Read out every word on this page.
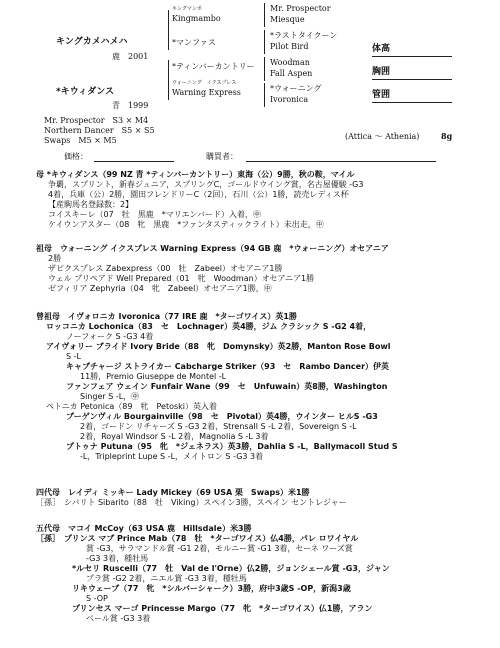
キングカメハメハ
鹿　2001
*キウィダンス
青　1999
キングマンボ
Kingmambo
*マンファス
*ティンバーカントリー
ウォーニング　イクスプレス
Warning Express
Mr. Prospector
Miesque
*ラストタイクーン
Pilot Bird
Woodman
Fall Aspen
*ウォーニング
Ivoronica
体高
胸囲
管囲
(Attica ～ Athenia)	8g
Mr. Prospector　S3 × M4
Northern Dancer　S5 × S5
Swaps　M5 × M5
価格：	購買者：
母 *キウィダンス（99 NZ 青 *ティンバーカントリー）東海（公）9勝，秋の鞍，マイル
争覇，スプリント，新春ジュニア，スプリングC，ゴールドウイング賞，名古屋優駿 -G3
4着，兵庫（公）2勝，園田フレンドリーC（2回），石川（公）1勝，読売レディス杯
【産駒馬名登録数：2】
コイスキーレ（07　牡　黒鹿　*マリエンバード）入着，㊥
ケイウンアスター（08　牝　黒鹿　*ファンタスティックライト）未出走，㊥
祖母　ウォーニング イクスプレス Warning Express（94 GB 鹿　*ウォーニング）オセアニア
2勝
ザピクスプレス Zabexpress（00　牡　Zabeel）オセアニア1勝
ウェル プリペアド Well Prepared（01　牝　Woodman）オセアニア1勝
ゼフィリア Zephyria（04　牝　Zabeel）オセアニア1勝，㊥
曾祖母　イヴォロニカ Ivoronica（77 IRE 鹿　*ターゴワイス）英1勝
ロッコニカ Lochonica（83　セ　Lochnager）英4勝，ジム クラシック S -G2 4着，
ノーフォーク S -G3 4着
アイヴォリー ブライド Ivory Bride（88　牝　Domynsky）英2勝，Manton Rose Bowl
S -L
キャブチャージ ストライカー Cabcharge Striker（93　セ　Rambo Dancer）伊英
11勝，Premio Giuseppe de Montel -L
ファンフェア ウェイン Funfair Wane（99　セ　Unfuwain）英8勝，Washington
Singer S -L，㊥
ペトニカ Petonica（89　牝　Petoski）英入着
ブーゲンヴィル Bourgainville（98　セ　Pivotal）英4勝，ウインター ヒルS -G3
2着，ゴードン リチャーズ S -G3 2着，Strensall S -L 2着，Sovereign S -L
2着，Royal Windsor S -L 2着，Magnolia S -L 3着
プトゥナ Putuna（95　牝　*ジェネラス）英3勝，Dahlia S -L，Ballymacoll Stud S
-L，Tripleprint Lupe S -L，メイトロン S -G3 3着
四代母　レイディ ミッキー Lady Mickey（69 USA 栗　Swaps）米1勝
［孫］　シバリト Sibarito（88　牡　Viking）スペイン3勝，スペイン セントレジャー
五代母　マコイ McCoy（63 USA 鹿　Hillsdale）米3勝
［孫］　プリンス マブ Prince Mab（78　牡　*ターゴワイス）仏4勝，パレ ロワイヤル
賞 -G3，サラマンドル賞 -G1 2着，モルニー賞 -G1 3着，セーネ ワーズ賞
-G3 3着，種牡馬
*ルセリ Ruscelli（77　牡　Val de l'Orne）仏2勝，ジョンシェール賞 -G3，ジャン
プラ賞 -G2 2着，ニエル賞 -G3 3着，種牡馬
リキウェーブ（77　牝　*シルバーシャーク）3勝，府中3歳S -OP，新潟3歳
S -OP
プリンセス マーゴ Princesse Margo（77　牝　*ターゴワイス）仏1勝，アラン
ベール賞 -G3 3着
